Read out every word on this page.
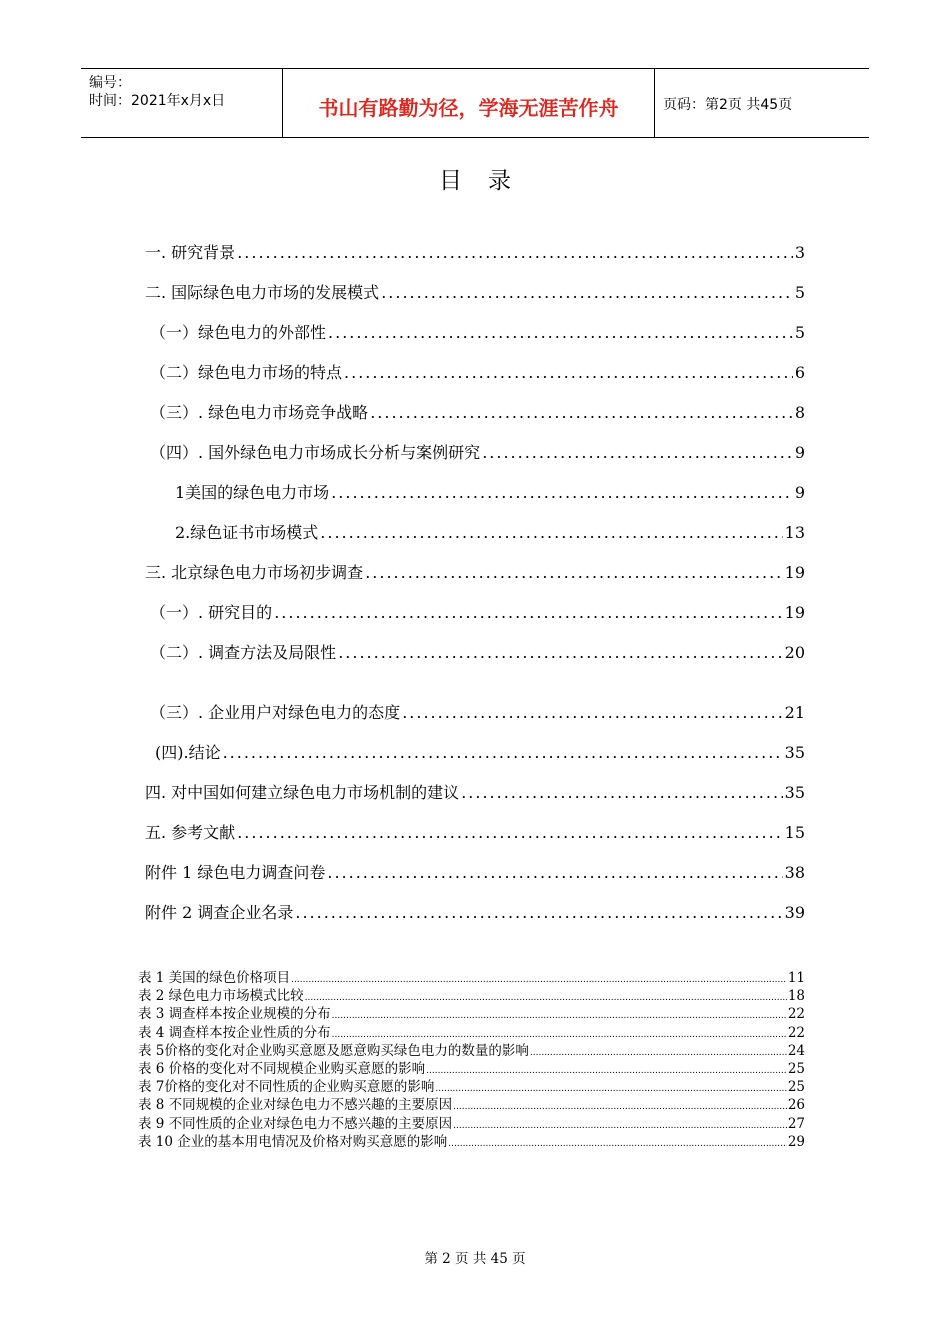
编号：
时间：2021年x月x日	书山有路勤为径，学海无涯苦作舟	页码：第2页 共45页
目录
一. 研究背景 .....	3
二. 国际绿色电力市场的发展模式 .....	5
（一）绿色电力的外部性 .....	5
（二）绿色电力市场的特点 .....	6
（三）. 绿色电力市场竞争战略 .....	8
（四）. 国外绿色电力市场成长分析与案例研究 .....	9
1美国的绿色电力市场 .....	9
2.绿色证书市场模式 .....	13
三. 北京绿色电力市场初步调查 .....	19
（一）. 研究目的 .....	19
（二）. 调查方法及局限性 .....	20
（三）. 企业用户对绿色电力的态度 .....	21
(四).结论 .....	35
四. 对中国如何建立绿色电力市场机制的建议 .....	35
五. 参考文献 .....	15
附件 1 绿色电力调查问卷 .....	38
附件 2 调查企业名录 .....	39
表 1 美国的绿色价格项目 .....	11
表 2 绿色电力市场模式比较 .....	18
表 3 调查样本按企业规模的分布 .....	22
表 4 调查样本按企业性质的分布 .....	22
表 5价格的变化对企业购买意愿及愿意购买绿色电力的数量的影响 .....	24
表 6 价格的变化对不同规模企业购买意愿的影响 .....	25
表 7价格的变化对不同性质的企业购买意愿的影响 .....	25
表 8 不同规模的企业对绿色电力不感兴趣的主要原因 .....	26
表 9 不同性质的企业对绿色电力不感兴趣的主要原因 .....	27
表 10 企业的基本用电情况及价格对购买意愿的影响 .....	29
第 2 页 共 45 页
